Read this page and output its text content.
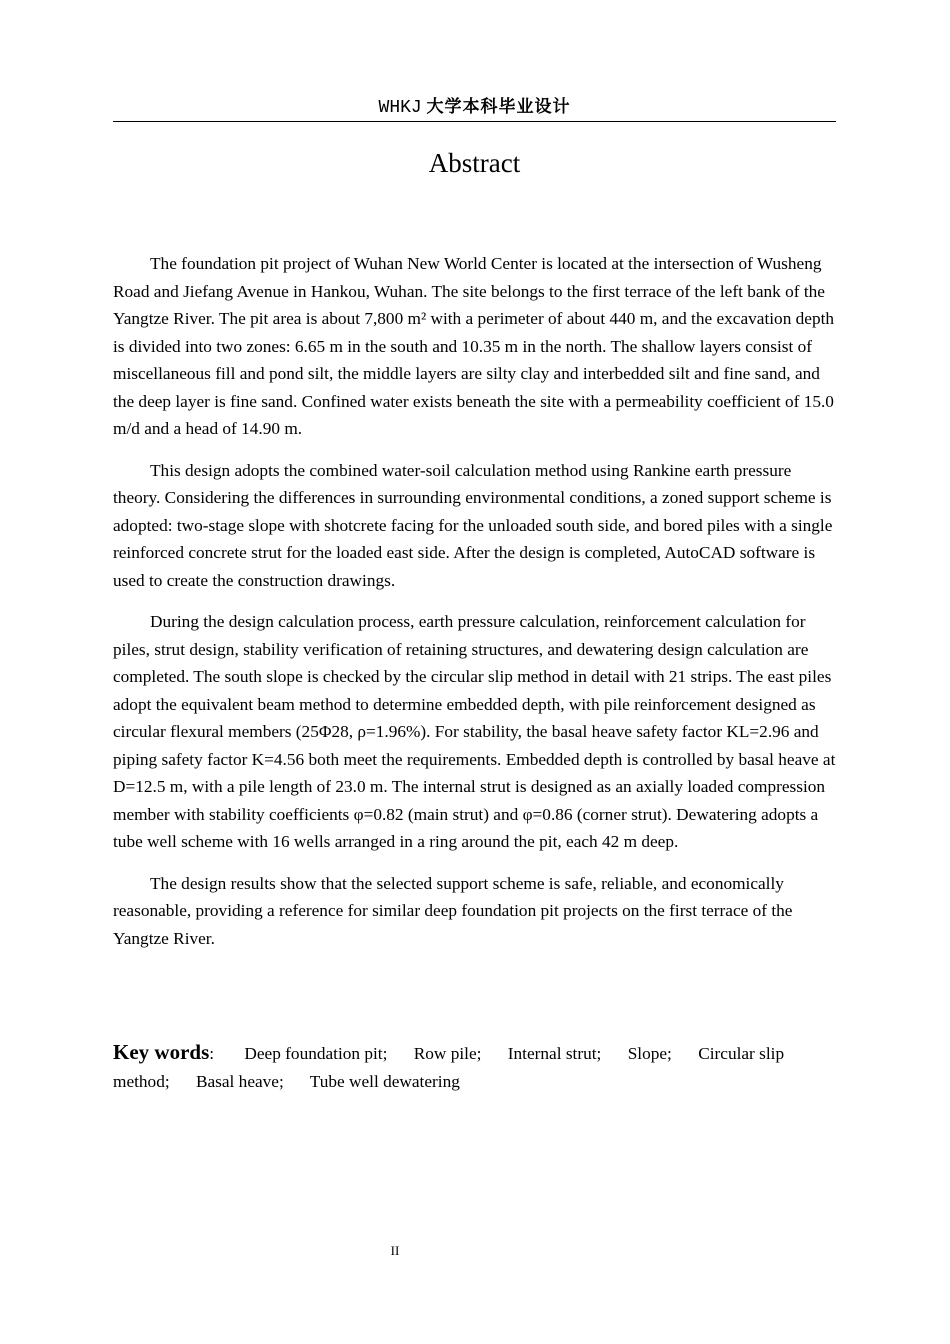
WHKJ 大学本科毕业设计
Abstract

The foundation pit project of Wuhan New World Center is located at the intersection of Wusheng Road and Jiefang Avenue in Hankou, Wuhan. The site belongs to the first terrace of the left bank of the Yangtze River. The pit area is about 7,800 m² with a perimeter of about 440 m, and the excavation depth is divided into two zones: 6.65 m in the south and 10.35 m in the north. The shallow layers consist of miscellaneous fill and pond silt, the middle layers are silty clay and interbedded silt and fine sand, and the deep layer is fine sand. Confined water exists beneath the site with a permeability coefficient of 15.0 m/d and a head of 14.90 m.

This design adopts the combined water-soil calculation method using Rankine earth pressure theory. Considering the differences in surrounding environmental conditions, a zoned support scheme is adopted: two-stage slope with shotcrete facing for the unloaded south side, and bored piles with a single reinforced concrete strut for the loaded east side. After the design is completed, AutoCAD software is used to create the construction drawings.

During the design calculation process, earth pressure calculation, reinforcement calculation for piles, strut design, stability verification of retaining structures, and dewatering design calculation are completed. The south slope is checked by the circular slip method in detail with 21 strips. The east piles adopt the equivalent beam method to determine embedded depth, with pile reinforcement designed as circular flexural members (25Φ28, ρ=1.96%). For stability, the basal heave safety factor KL=2.96 and piping safety factor K=4.56 both meet the requirements. Embedded depth is controlled by basal heave at D=12.5 m, with a pile length of 23.0 m. The internal strut is designed as an axially loaded compression member with stability coefficients φ=0.82 (main strut) and φ=0.86 (corner strut). Dewatering adopts a tube well scheme with 16 wells arranged in a ring around the pit, each 42 m deep.

The design results show that the selected support scheme is safe, reliable, and economically reasonable, providing a reference for similar deep foundation pit projects on the first terrace of the Yangtze River.

Key words: Deep foundation pit; Row pile; Internal strut; Slope; Circular slip method; Basal heave; Tube well dewatering
II
